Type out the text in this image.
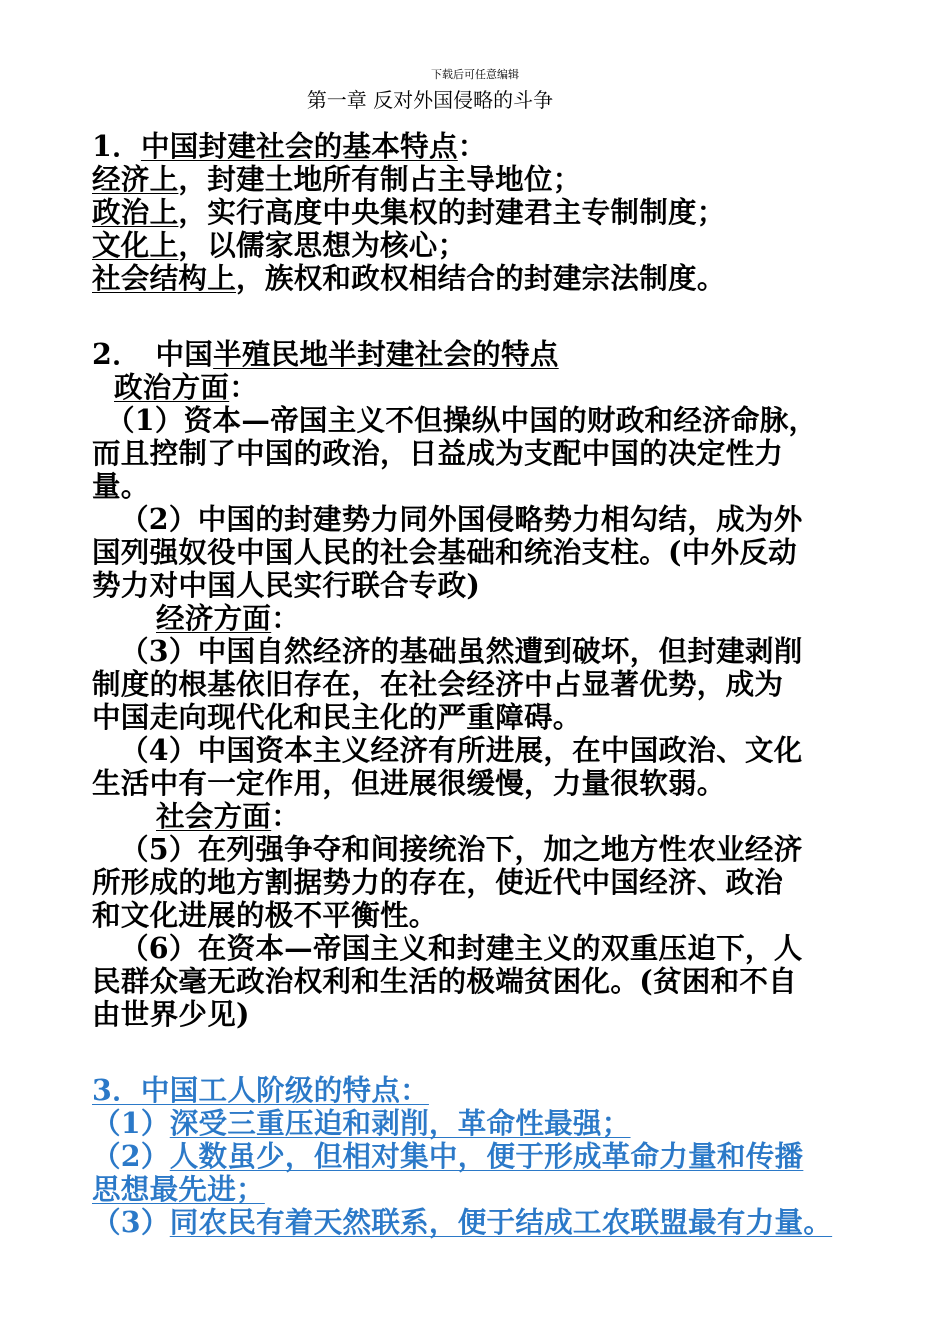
下载后可任意编辑
第一章 反对外国侵略的斗争
1．中国封建社会的基本特点：
经济上，封建土地所有制占主导地位；
政治上，实行高度中央集权的封建君主专制制度；
文化上，以儒家思想为核心；
社会结构上，族权和政权相结合的封建宗法制度。
2．　中国半殖民地半封建社会的特点
政治方面：
（1）资本—帝国主义不但操纵中国的财政和经济命脉，
而且控制了中国的政治，日益成为支配中国的决定性力
量。
（2）中国的封建势力同外国侵略势力相勾结，成为外
国列强奴役中国人民的社会基础和统治支柱。(中外反动
势力对中国人民实行联合专政)
经济方面：
（3）中国自然经济的基础虽然遭到破坏，但封建剥削
制度的根基依旧存在，在社会经济中占显著优势，成为
中国走向现代化和民主化的严重障碍。
（4）中国资本主义经济有所进展，在中国政治、文化
生活中有一定作用，但进展很缓慢，力量很软弱。
社会方面：
（5）在列强争夺和间接统治下，加之地方性农业经济
所形成的地方割据势力的存在，使近代中国经济、政治
和文化进展的极不平衡性。
（6）在资本—帝国主义和封建主义的双重压迫下，人
民群众毫无政治权利和生活的极端贫困化。(贫困和不自
由世界少见)
3．中国工人阶级的特点：
（1）深受三重压迫和剥削，革命性最强；
（2）人数虽少，但相对集中，便于形成革命力量和传播
思想最先进；
（3）同农民有着天然联系，便于结成工农联盟最有力量。
